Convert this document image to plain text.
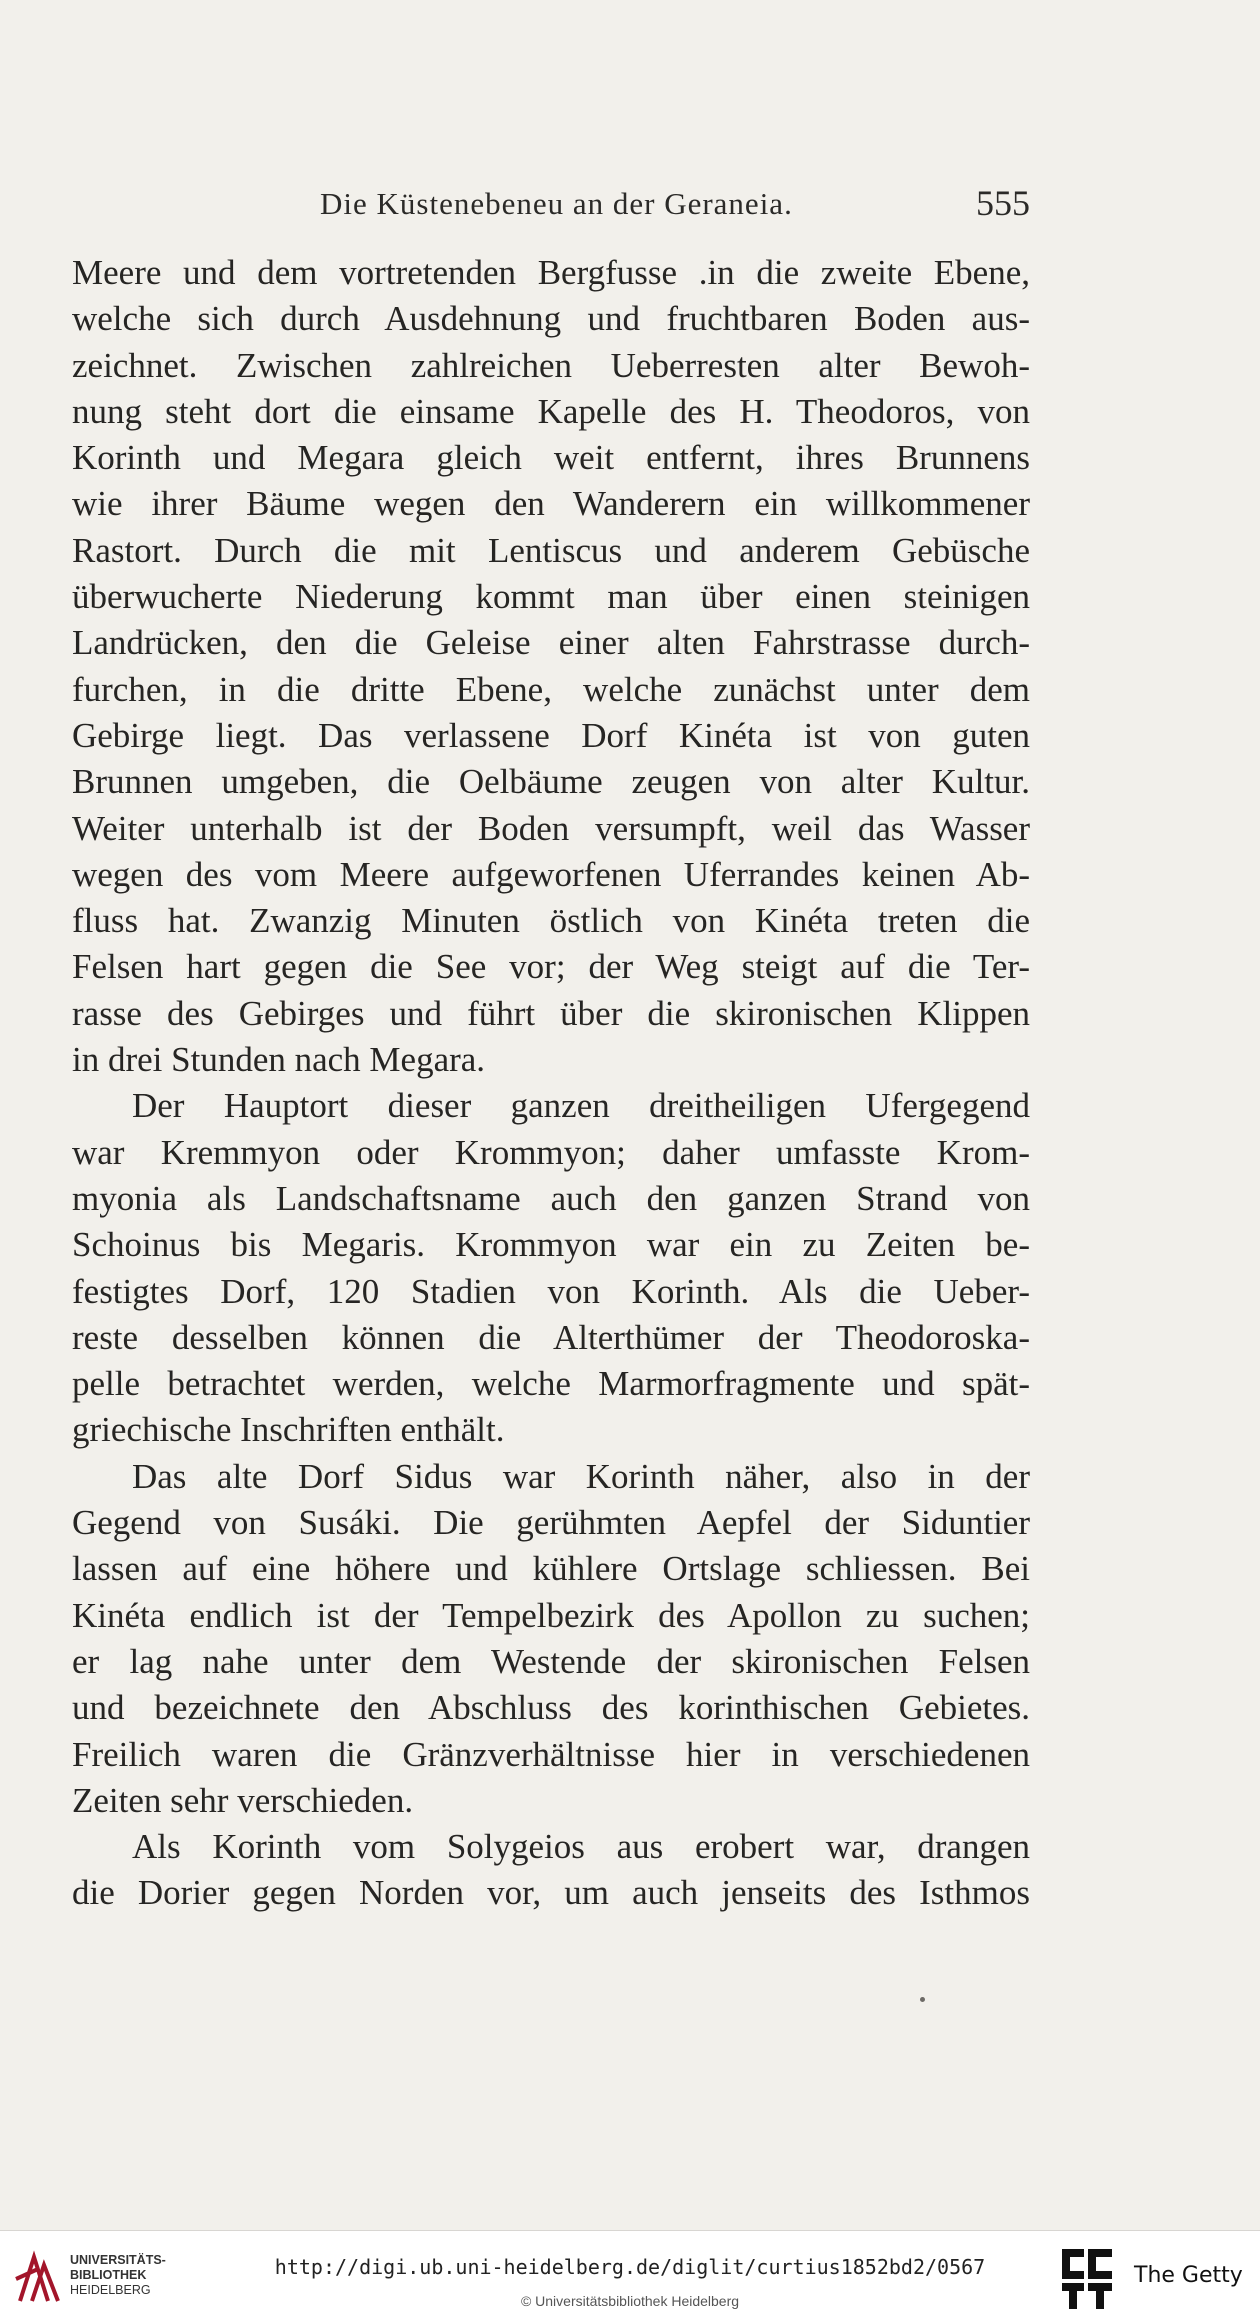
Die Küstenebeneu an der Geraneia.	555
Meere und dem vortretenden Bergfusse .in die zweite Ebene,
welche sich durch Ausdehnung und fruchtbaren Boden aus-
zeichnet. Zwischen zahlreichen Ueberresten alter Bewoh-
nung steht dort die einsame Kapelle des H. Theodoros, von
Korinth und Megara gleich weit entfernt, ihres Brunnens
wie ihrer Bäume wegen den Wanderern ein willkommener
Rastort. Durch die mit Lentiscus und anderem Gebüsche
überwucherte Niederung kommt man über einen steinigen
Landrücken, den die Geleise einer alten Fahrstrasse durch-
furchen, in die dritte Ebene, welche zunächst unter dem
Gebirge liegt. Das verlassene Dorf Kinéta ist von guten
Brunnen umgeben, die Oelbäume zeugen von alter Kultur.
Weiter unterhalb ist der Boden versumpft, weil das Wasser
wegen des vom Meere aufgeworfenen Uferrandes keinen Ab-
fluss hat. Zwanzig Minuten östlich von Kinéta treten die
Felsen hart gegen die See vor; der Weg steigt auf die Ter-
rasse des Gebirges und führt über die skironischen Klippen
in drei Stunden nach Megara.
Der Hauptort dieser ganzen dreitheiligen Ufergegend
war Kremmyon oder Krommyon; daher umfasste Krom-
myonia als Landschaftsname auch den ganzen Strand von
Schoinus bis Megaris. Krommyon war ein zu Zeiten be-
festigtes Dorf, 120 Stadien von Korinth. Als die Ueber-
reste desselben können die Alterthümer der Theodoroska-
pelle betrachtet werden, welche Marmorfragmente und spät-
griechische Inschriften enthält.
Das alte Dorf Sidus war Korinth näher, also in der
Gegend von Susáki. Die gerühmten Aepfel der Siduntier
lassen auf eine höhere und kühlere Ortslage schliessen. Bei
Kinéta endlich ist der Tempelbezirk des Apollon zu suchen;
er lag nahe unter dem Westende der skironischen Felsen
und bezeichnete den Abschluss des korinthischen Gebietes.
Freilich waren die Gränzverhältnisse hier in verschiedenen
Zeiten sehr verschieden.
Als Korinth vom Solygeios aus erobert war, drangen
die Dorier gegen Norden vor, um auch jenseits des Isthmos
UNIVERSITÄTS-
BIBLIOTHEK
HEIDELBERG
http://digi.ub.uni-heidelberg.de/diglit/curtius1852bd2/0567
© Universitätsbibliothek Heidelberg
The Getty
